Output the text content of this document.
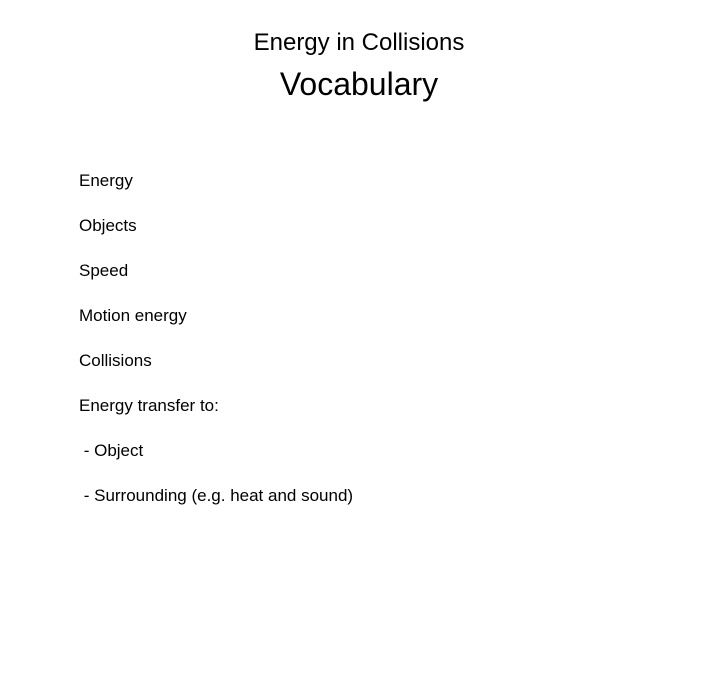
Energy in Collisions
Vocabulary
Energy
Objects
Speed
Motion energy
Collisions
Energy transfer to:
- Object
- Surrounding (e.g. heat and sound)
